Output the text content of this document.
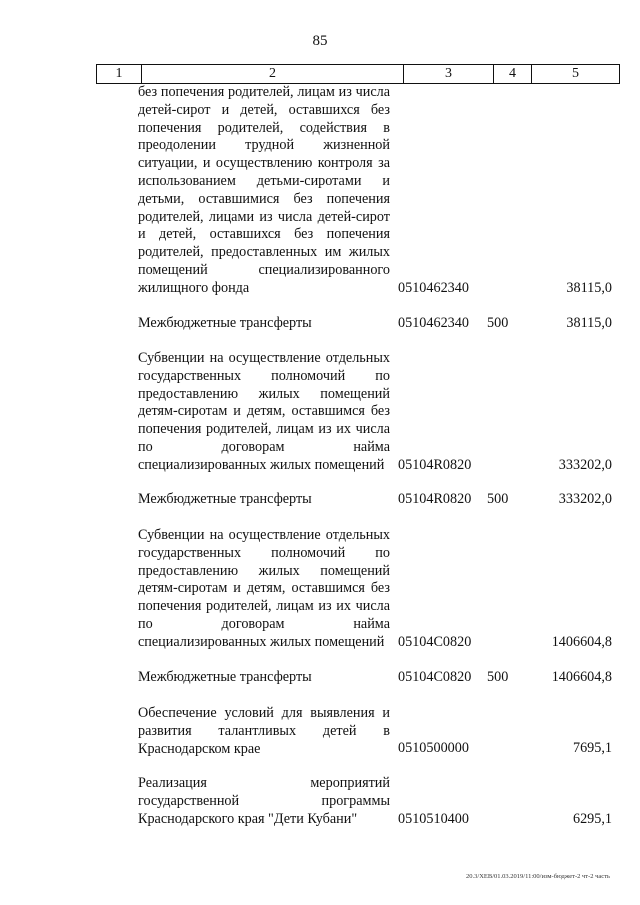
85
1	2	3	4	5
без попечения родителей, лицам из числа детей-сирот и детей, оставшихся без попечения родителей, содействия в преодолении трудной жизненной ситуации, и осуществлению контроля за использованием детьми-сиротами и детьми, оставшимися без попечения родителей, лицами из числа детей-сирот и детей, оставшихся без попечения родителей, предоставленных им жилых помещений специализированного жилищного фонда	0510462340	38115,0
Межбюджетные трансферты	0510462340 500	38115,0
Субвенции на осуществление отдельных государственных полномочий по предоставлению жилых помещений детям-сиротам и детям, оставшимся без попечения родителей, лицам из их числа по договорам найма специализированных жилых помещений 05104R0820	333202,0
Межбюджетные трансферты	05104R0820 500	333202,0
Субвенции на осуществление отдельных государственных полномочий по предоставлению жилых помещений детям-сиротам и детям, оставшимся без попечения родителей, лицам из их числа по договорам найма специализированных жилых помещений 05104C0820	1406604,8
Межбюджетные трансферты	05104C0820 500	1406604,8
Обеспечение условий для выявления и развития талантливых детей в Краснодарском крае	0510500000	7695,1
Реализация мероприятий государственной программы Краснодарского края "Дети Кубани"	0510510400	6295,1
20.3/XEB/01.03.2019/11:00/изм-бюджет-2 чт-2 часть
